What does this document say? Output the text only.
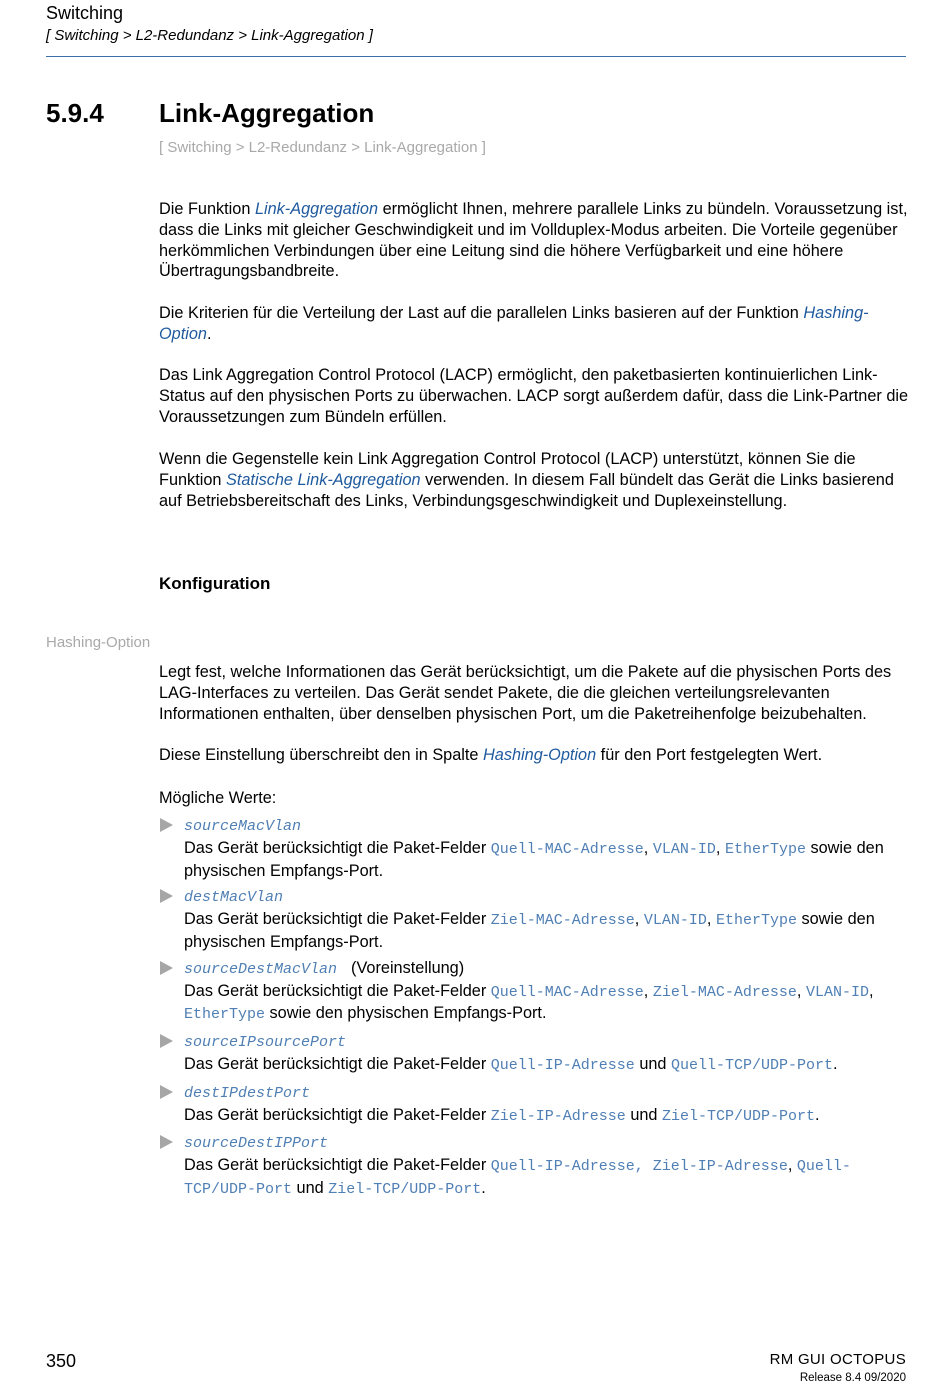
Switching
[ Switching > L2-Redundanz > Link-Aggregation ]
5.9.4 Link-Aggregation
[ Switching > L2-Redundanz > Link-Aggregation ]

Die Funktion Link-Aggregation ermöglicht Ihnen, mehrere parallele Links zu bündeln. Voraussetzung ist, dass die Links mit gleicher Geschwindigkeit und im Vollduplex-Modus arbeiten. Die Vorteile gegenüber herkömmlichen Verbindungen über eine Leitung sind die höhere Verfügbarkeit und eine höhere Übertragungsbandbreite.

Die Kriterien für die Verteilung der Last auf die parallelen Links basieren auf der Funktion Hashing-Option.

Das Link Aggregation Control Protocol (LACP) ermöglicht, den paketbasierten kontinuierlichen Link-Status auf den physischen Ports zu überwachen. LACP sorgt außerdem dafür, dass die Link-Partner die Voraussetzungen zum Bündeln erfüllen.

Wenn die Gegenstelle kein Link Aggregation Control Protocol (LACP) unterstützt, können Sie die Funktion Statische Link-Aggregation verwenden. In diesem Fall bündelt das Gerät die Links basierend auf Betriebsbereitschaft des Links, Verbindungsgeschwindigkeit und Duplexeinstellung.

Konfiguration
Hashing-Option

Legt fest, welche Informationen das Gerät berücksichtigt, um die Pakete auf die physischen Ports des LAG-Interfaces zu verteilen. Das Gerät sendet Pakete, die die gleichen verteilungsrelevanten Informationen enthalten, über denselben physischen Port, um die Paketreihenfolge beizubehalten.

Diese Einstellung überschreibt den in Spalte Hashing-Option für den Port festgelegten Wert.

Mögliche Werte:

sourceMacVlan
Das Gerät berücksichtigt die Paket-Felder Quell-MAC-Adresse, VLAN-ID, EtherType sowie den physischen Empfangs-Port.
destMacVlan
Das Gerät berücksichtigt die Paket-Felder Ziel-MAC-Adresse, VLAN-ID, EtherType sowie den physischen Empfangs-Port.
sourceDestMacVlan (Voreinstellung)
Das Gerät berücksichtigt die Paket-Felder Quell-MAC-Adresse, Ziel-MAC-Adresse, VLAN-ID, EtherType sowie den physischen Empfangs-Port.
sourceIPsourcePort
Das Gerät berücksichtigt die Paket-Felder Quell-IP-Adresse und Quell-TCP/UDP-Port.
destIPdestPort
Das Gerät berücksichtigt die Paket-Felder Ziel-IP-Adresse und Ziel-TCP/UDP-Port.
sourceDestIPPort
Das Gerät berücksichtigt die Paket-Felder Quell-IP-Adresse, Ziel-IP-Adresse, Quell-TCP/UDP-Port und Ziel-TCP/UDP-Port.
350	RM GUI OCTOPUS
Release 8.4 09/2020
